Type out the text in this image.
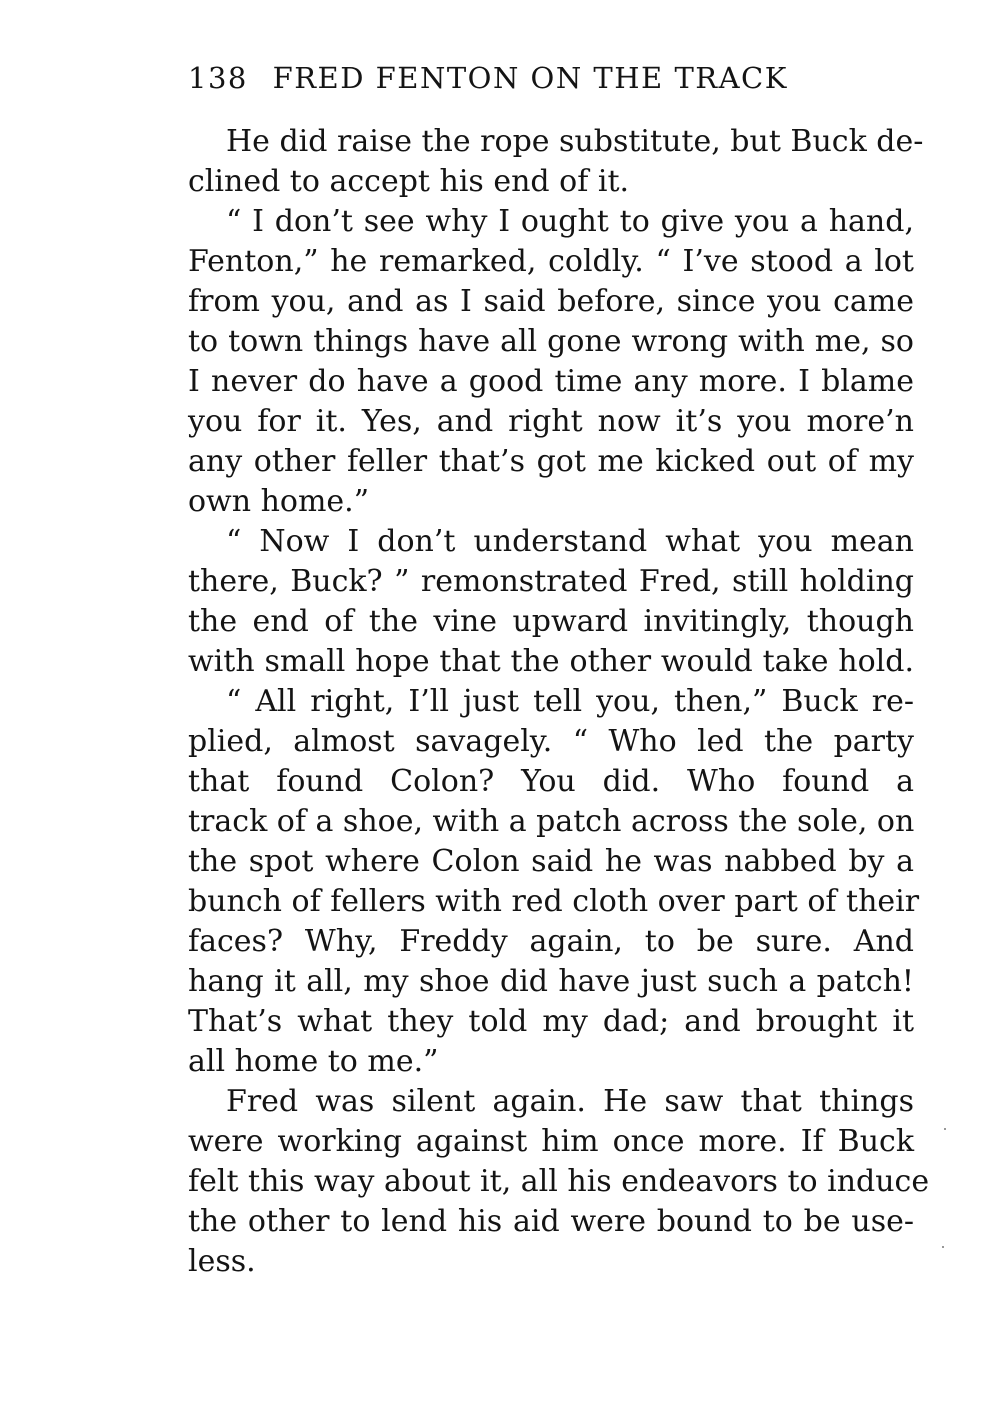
138 FRED FENTON ON THE TRACK
He did raise the rope substitute, but Buck de-
clined to accept his end of it.
“ I don’t see why I ought to give you a hand,
Fenton,” he remarked, coldly. “ I’ve stood a lot
from you, and as I said before, since you came
to town things have all gone wrong with me, so
I never do have a good time any more. I blame
you for it. Yes, and right now it’s you more’n
any other feller that’s got me kicked out of my
own home.”
“ Now I don’t understand what you mean
there, Buck? ” remonstrated Fred, still holding
the end of the vine upward invitingly, though
with small hope that the other would take hold.
“ All right, I’ll just tell you, then,” Buck re-
plied, almost savagely. “ Who led the party
that found Colon? You did. Who found a
track of a shoe, with a patch across the sole, on
the spot where Colon said he was nabbed by a
bunch of fellers with red cloth over part of their
faces? Why, Freddy again, to be sure. And
hang it all, my shoe did have just such a patch!
That’s what they told my dad; and brought it
all home to me.”
Fred was silent again. He saw that things
were working against him once more. If Buck
felt this way about it, all his endeavors to induce
the other to lend his aid were bound to be use-
less.
